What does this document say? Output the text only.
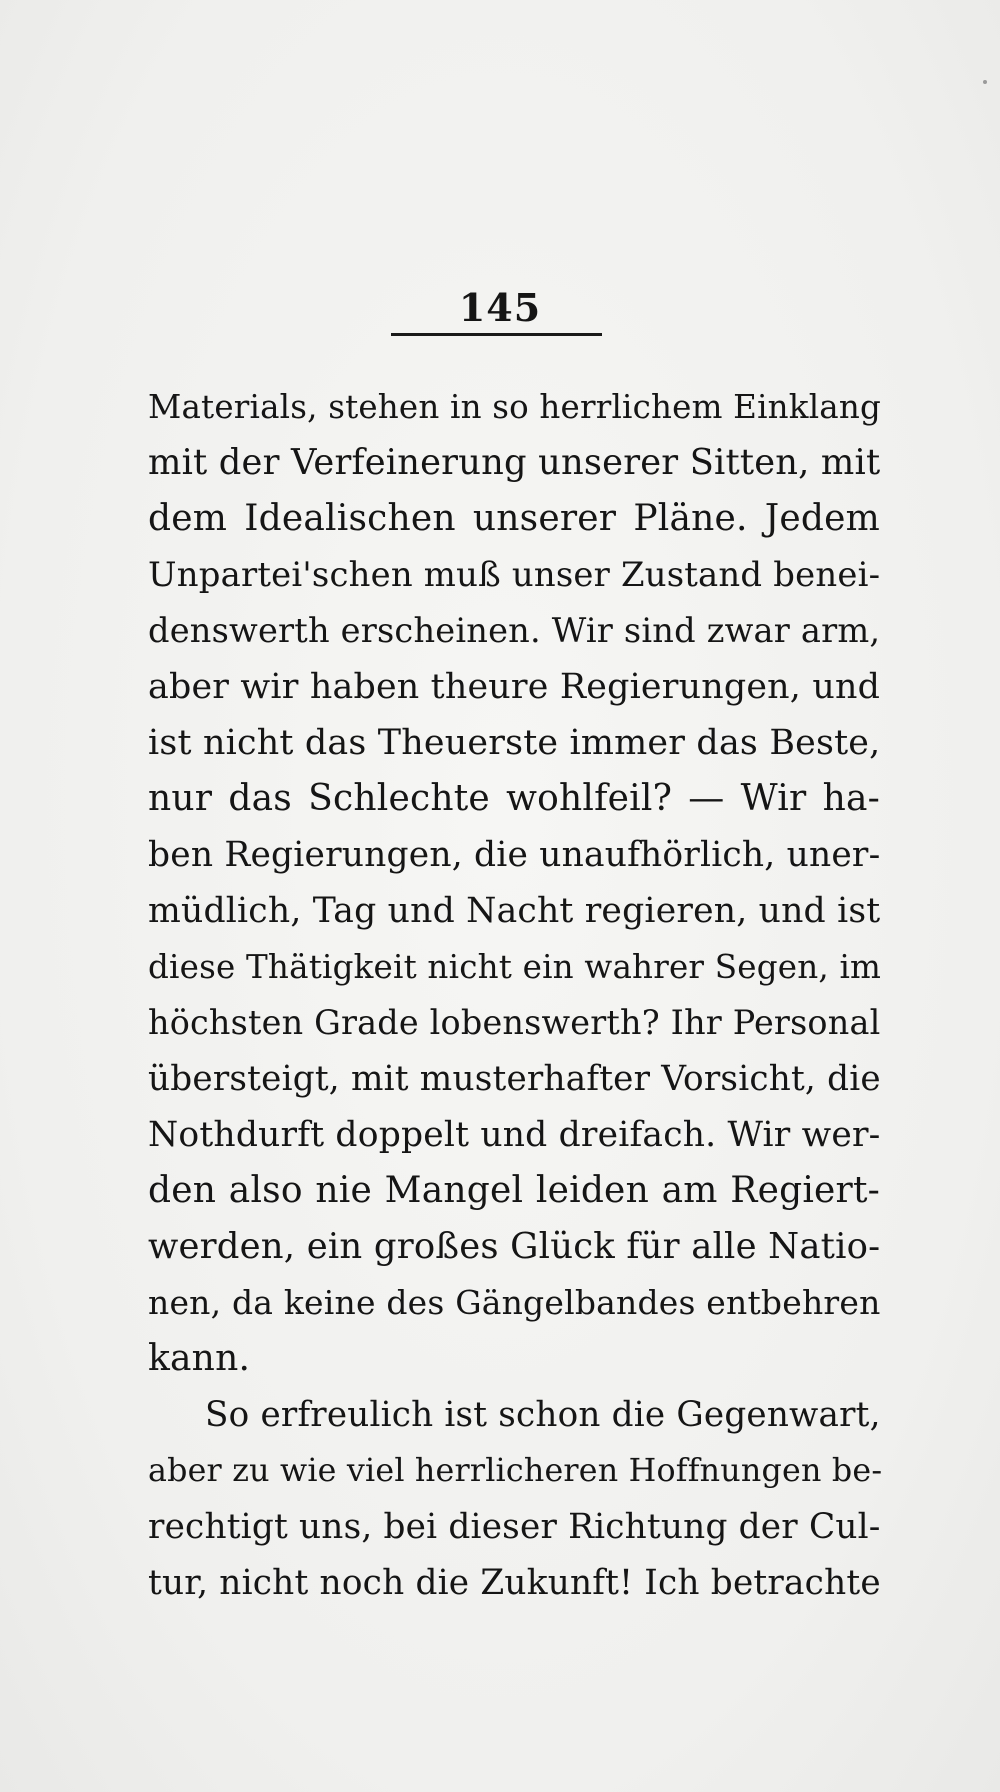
145
Materials, stehen in so herrlichem Einklang
mit der Verfeinerung unserer Sitten, mit
dem Idealischen unserer Pläne. Jedem
Unpartei'schen muß unser Zustand benei-
denswerth erscheinen. Wir sind zwar arm,
aber wir haben theure Regierungen, und
ist nicht das Theuerste immer das Beste,
nur das Schlechte wohlfeil? — Wir ha-
ben Regierungen, die unaufhörlich, uner-
müdlich, Tag und Nacht regieren, und ist
diese Thätigkeit nicht ein wahrer Segen, im
höchsten Grade lobenswerth? Ihr Personal
übersteigt, mit musterhafter Vorsicht, die
Nothdurft doppelt und dreifach. Wir wer-
den also nie Mangel leiden am Regiert-
werden, ein großes Glück für alle Natio-
nen, da keine des Gängelbandes entbehren
kann.
So erfreulich ist schon die Gegenwart,
aber zu wie viel herrlicheren Hoffnungen be-
rechtigt uns, bei dieser Richtung der Cul-
tur, nicht noch die Zukunft! Ich betrachte
